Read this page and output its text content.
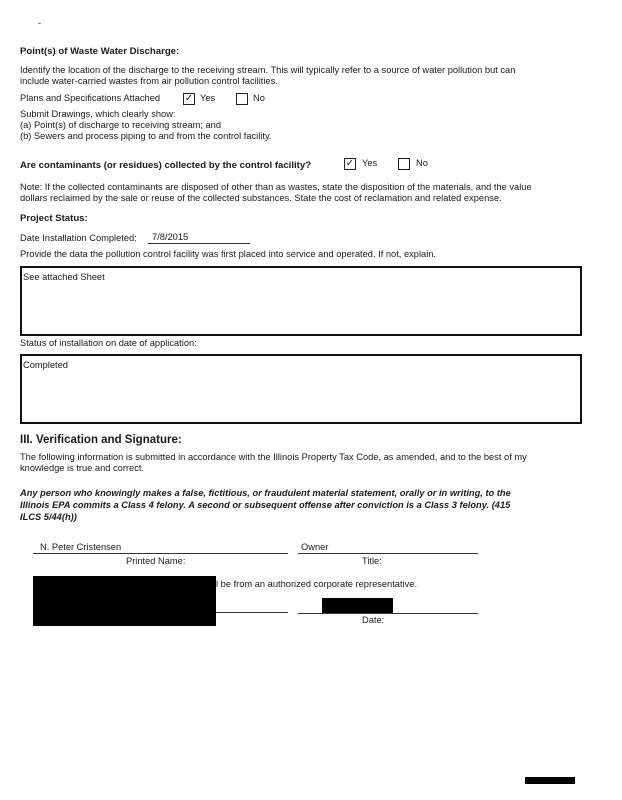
-
Point(s) of Waste Water Discharge:
Identify the location of the discharge to the receiving stream. This will typically refer to a source of water pollution but can
include water-carried wastes from air pollution control facilities.
Plans and Specifications Attached ✓ Yes	No
Submit Drawings, which clearly show:
(a) Point(s) of discharge to receiving stream; and
(b) Sewers and process piping to and from the control facility.
Are contaminants (or residues) collected by the control facility?	✓ Yes	No
Note: If the collected contaminants are disposed of other than as wastes, state the disposition of the materials, and the value
dollars reclaimed by the sale or reuse of the collected substances. State the cost of reclamation and related expense.
Project Status:
Date Installation Completed: 7/8/2015
Provide the data the pollution control facility was first placed into service and operated. If not, explain.
See attached Sheet
Status of installation on date of application:
Completed
III. Verification and Signature:
The following information is submitted in accordance with the Illinois Property Tax Code, as amended, and to the best of my
knowledge is true and correct.
Any person who knowingly makes a false, fictitious, or fraudulent material statement, orally or in writing, to the
Illinois EPA commits a Class 4 felony. A second or subsequent offense after conviction is a Class 3 felony. (415
ILCS 5/44(h))
N. Peter Cristensen
Printed Name:
Owner
Title:
l be from an authorized corporate representative.
Date:
